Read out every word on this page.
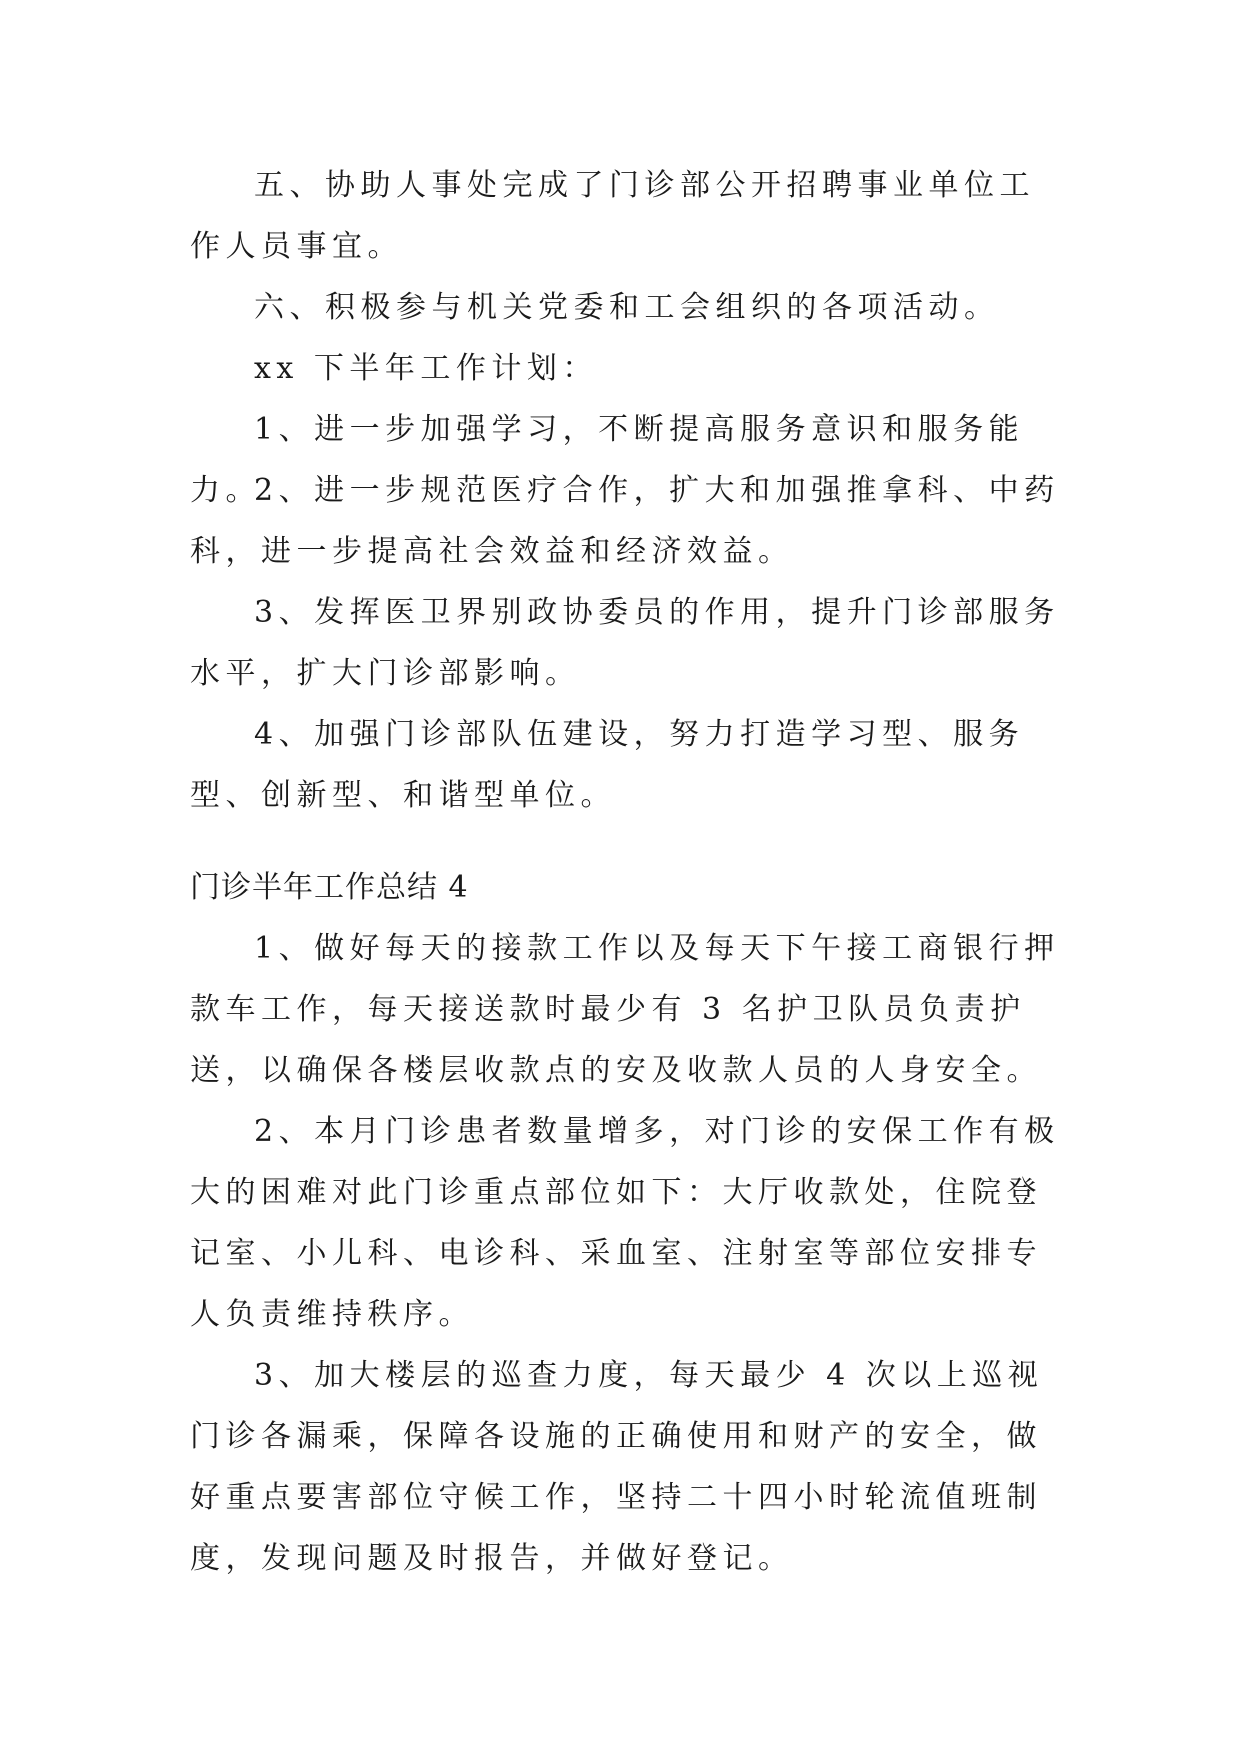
五、协助人事处完成了门诊部公开招聘事业单位工作人员事宜。

六、积极参与机关党委和工会组织的各项活动。

xx 下半年工作计划：

1、进一步加强学习，不断提高服务意识和服务能力。

2、进一步规范医疗合作，扩大和加强推拿科、中药科，进一步提高社会效益和经济效益。

3、发挥医卫界别政协委员的作用，提升门诊部服务水平，扩大门诊部影响。

4、加强门诊部队伍建设，努力打造学习型、服务型、创新型、和谐型单位。

门诊半年工作总结 4

1、做好每天的接款工作以及每天下午接工商银行押款车工作，每天接送款时最少有 3 名护卫队员负责护送，以确保各楼层收款点的安及收款人员的人身安全。

2、本月门诊患者数量增多，对门诊的安保工作有极大的困难对此门诊重点部位如下：大厅收款处，住院登记室、小儿科、电诊科、采血室、注射室等部位安排专人负责维持秩序。

3、加大楼层的巡查力度，每天最少 4 次以上巡视门诊各漏乘，保障各设施的正确使用和财产的安全，做好重点要害部位守候工作，坚持二十四小时轮流值班制度，发现问题及时报告，并做好登记。
